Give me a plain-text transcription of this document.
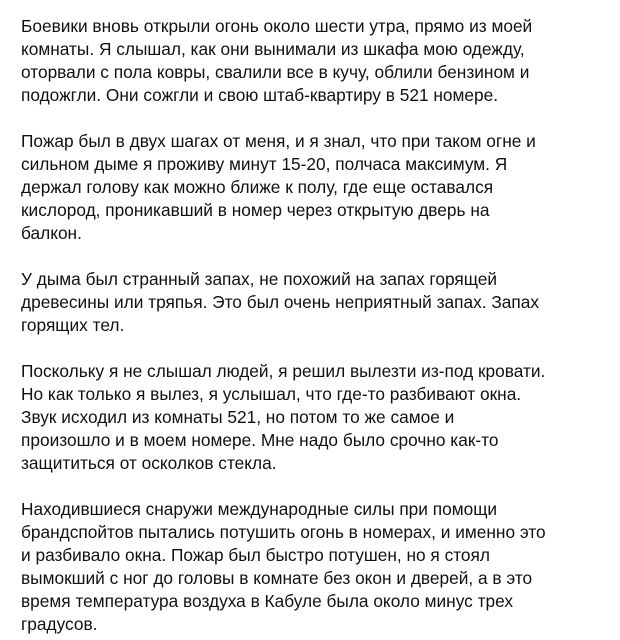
Боевики вновь открыли огонь около шести утра, прямо из моей
комнаты. Я слышал, как они вынимали из шкафа мою одежду,
оторвали с пола ковры, свалили все в кучу, облили бензином и
подожгли. Они сожгли и свою штаб-квартиру в 521 номере.

Пожар был в двух шагах от меня, и я знал, что при таком огне и
сильном дыме я проживу минут 15-20, полчаса максимум. Я
держал голову как можно ближе к полу, где еще оставался
кислород, проникавший в номер через открытую дверь на
балкон.

У дыма был странный запах, не похожий на запах горящей
древесины или тряпья. Это был очень неприятный запах. Запах
горящих тел.

Поскольку я не слышал людей, я решил вылезти из-под кровати.
Но как только я вылез, я услышал, что где-то разбивают окна.
Звук исходил из комнаты 521, но потом то же самое и
произошло и в моем номере. Мне надо было срочно как-то
защититься от осколков стекла.

Находившиеся снаружи международные силы при помощи
брандспойтов пытались потушить огонь в номерах, и именно это
и разбивало окна. Пожар был быстро потушен, но я стоял
вымокший с ног до головы в комнате без окон и дверей, а в это
время температура воздуха в Кабуле была около минус трех
градусов.
